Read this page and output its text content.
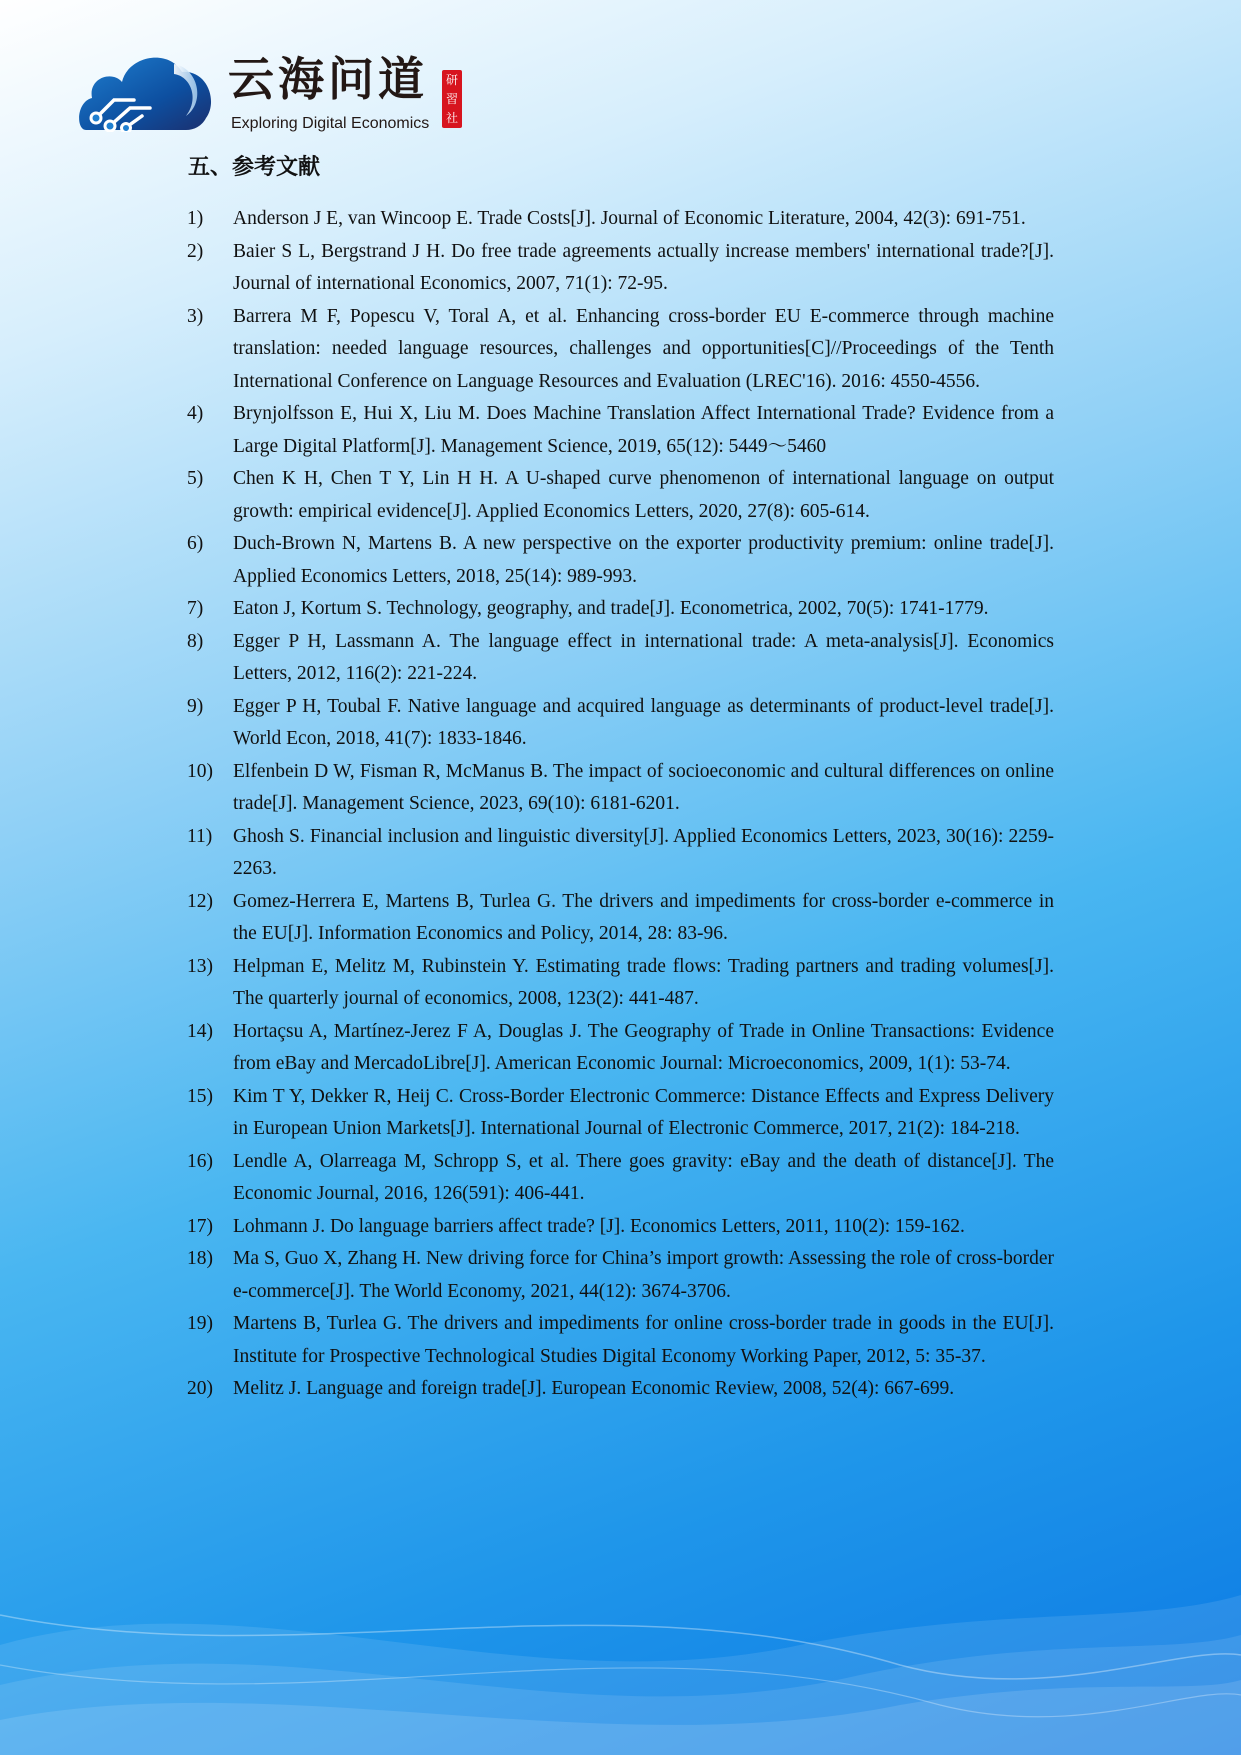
云海问道
Exploring Digital Economics
研
習
社
五、参考文献
1)	Anderson J E, van Wincoop E. Trade Costs[J]. Journal of Economic Literature, 2004, 42(3): 691-751.
2)	Baier S L, Bergstrand J H. Do free trade agreements actually increase members' international trade?[J]. Journal of international Economics, 2007, 71(1): 72-95.
3)	Barrera M F, Popescu V, Toral A, et al. Enhancing cross-border EU E-commerce through machine translation: needed language resources, challenges and opportunities[C]//Proceedings of the Tenth International Conference on Language Resources and Evaluation (LREC'16). 2016: 4550-4556.
4)	Brynjolfsson E, Hui X, Liu M. Does Machine Translation Affect International Trade? Evidence from a Large Digital Platform[J]. Management Science, 2019, 65(12): 5449～5460
5)	Chen K H, Chen T Y, Lin H H. A U-shaped curve phenomenon of international language on output growth: empirical evidence[J]. Applied Economics Letters, 2020, 27(8): 605-614.
6)	Duch-Brown N, Martens B. A new perspective on the exporter productivity premium: online trade[J]. Applied Economics Letters, 2018, 25(14): 989-993.
7)	Eaton J, Kortum S. Technology, geography, and trade[J]. Econometrica, 2002, 70(5): 1741-1779.
8)	Egger P H, Lassmann A. The language effect in international trade: A meta-analysis[J]. Economics Letters, 2012, 116(2): 221-224.
9)	Egger P H, Toubal F. Native language and acquired language as determinants of product-level trade[J]. World Econ, 2018, 41(7): 1833-1846.
10)	Elfenbein D W, Fisman R, McManus B. The impact of socioeconomic and cultural differences on online trade[J]. Management Science, 2023, 69(10): 6181-6201.
11)	Ghosh S. Financial inclusion and linguistic diversity[J]. Applied Economics Letters, 2023, 30(16): 2259-2263.
12)	Gomez-Herrera E, Martens B, Turlea G. The drivers and impediments for cross-border e-commerce in the EU[J]. Information Economics and Policy, 2014, 28: 83-96.
13)	Helpman E, Melitz M, Rubinstein Y. Estimating trade flows: Trading partners and trading volumes[J]. The quarterly journal of economics, 2008, 123(2): 441-487.
14)	Hortaçsu A, Martínez-Jerez F A, Douglas J. The Geography of Trade in Online Transactions: Evidence from eBay and MercadoLibre[J]. American Economic Journal: Microeconomics, 2009, 1(1): 53-74.
15)	Kim T Y, Dekker R, Heij C. Cross-Border Electronic Commerce: Distance Effects and Express Delivery in European Union Markets[J]. International Journal of Electronic Commerce, 2017, 21(2): 184-218.
16)	Lendle A, Olarreaga M, Schropp S, et al. There goes gravity: eBay and the death of distance[J]. The Economic Journal, 2016, 126(591): 406-441.
17)	Lohmann J. Do language barriers affect trade? [J]. Economics Letters, 2011, 110(2): 159-162.
18)	Ma S, Guo X, Zhang H. New driving force for China’s import growth: Assessing the role of cross-border e-commerce[J]. The World Economy, 2021, 44(12): 3674-3706.
19)	Martens B, Turlea G. The drivers and impediments for online cross-border trade in goods in the EU[J]. Institute for Prospective Technological Studies Digital Economy Working Paper, 2012, 5: 35-37.
20)	Melitz J. Language and foreign trade[J]. European Economic Review, 2008, 52(4): 667-699.
